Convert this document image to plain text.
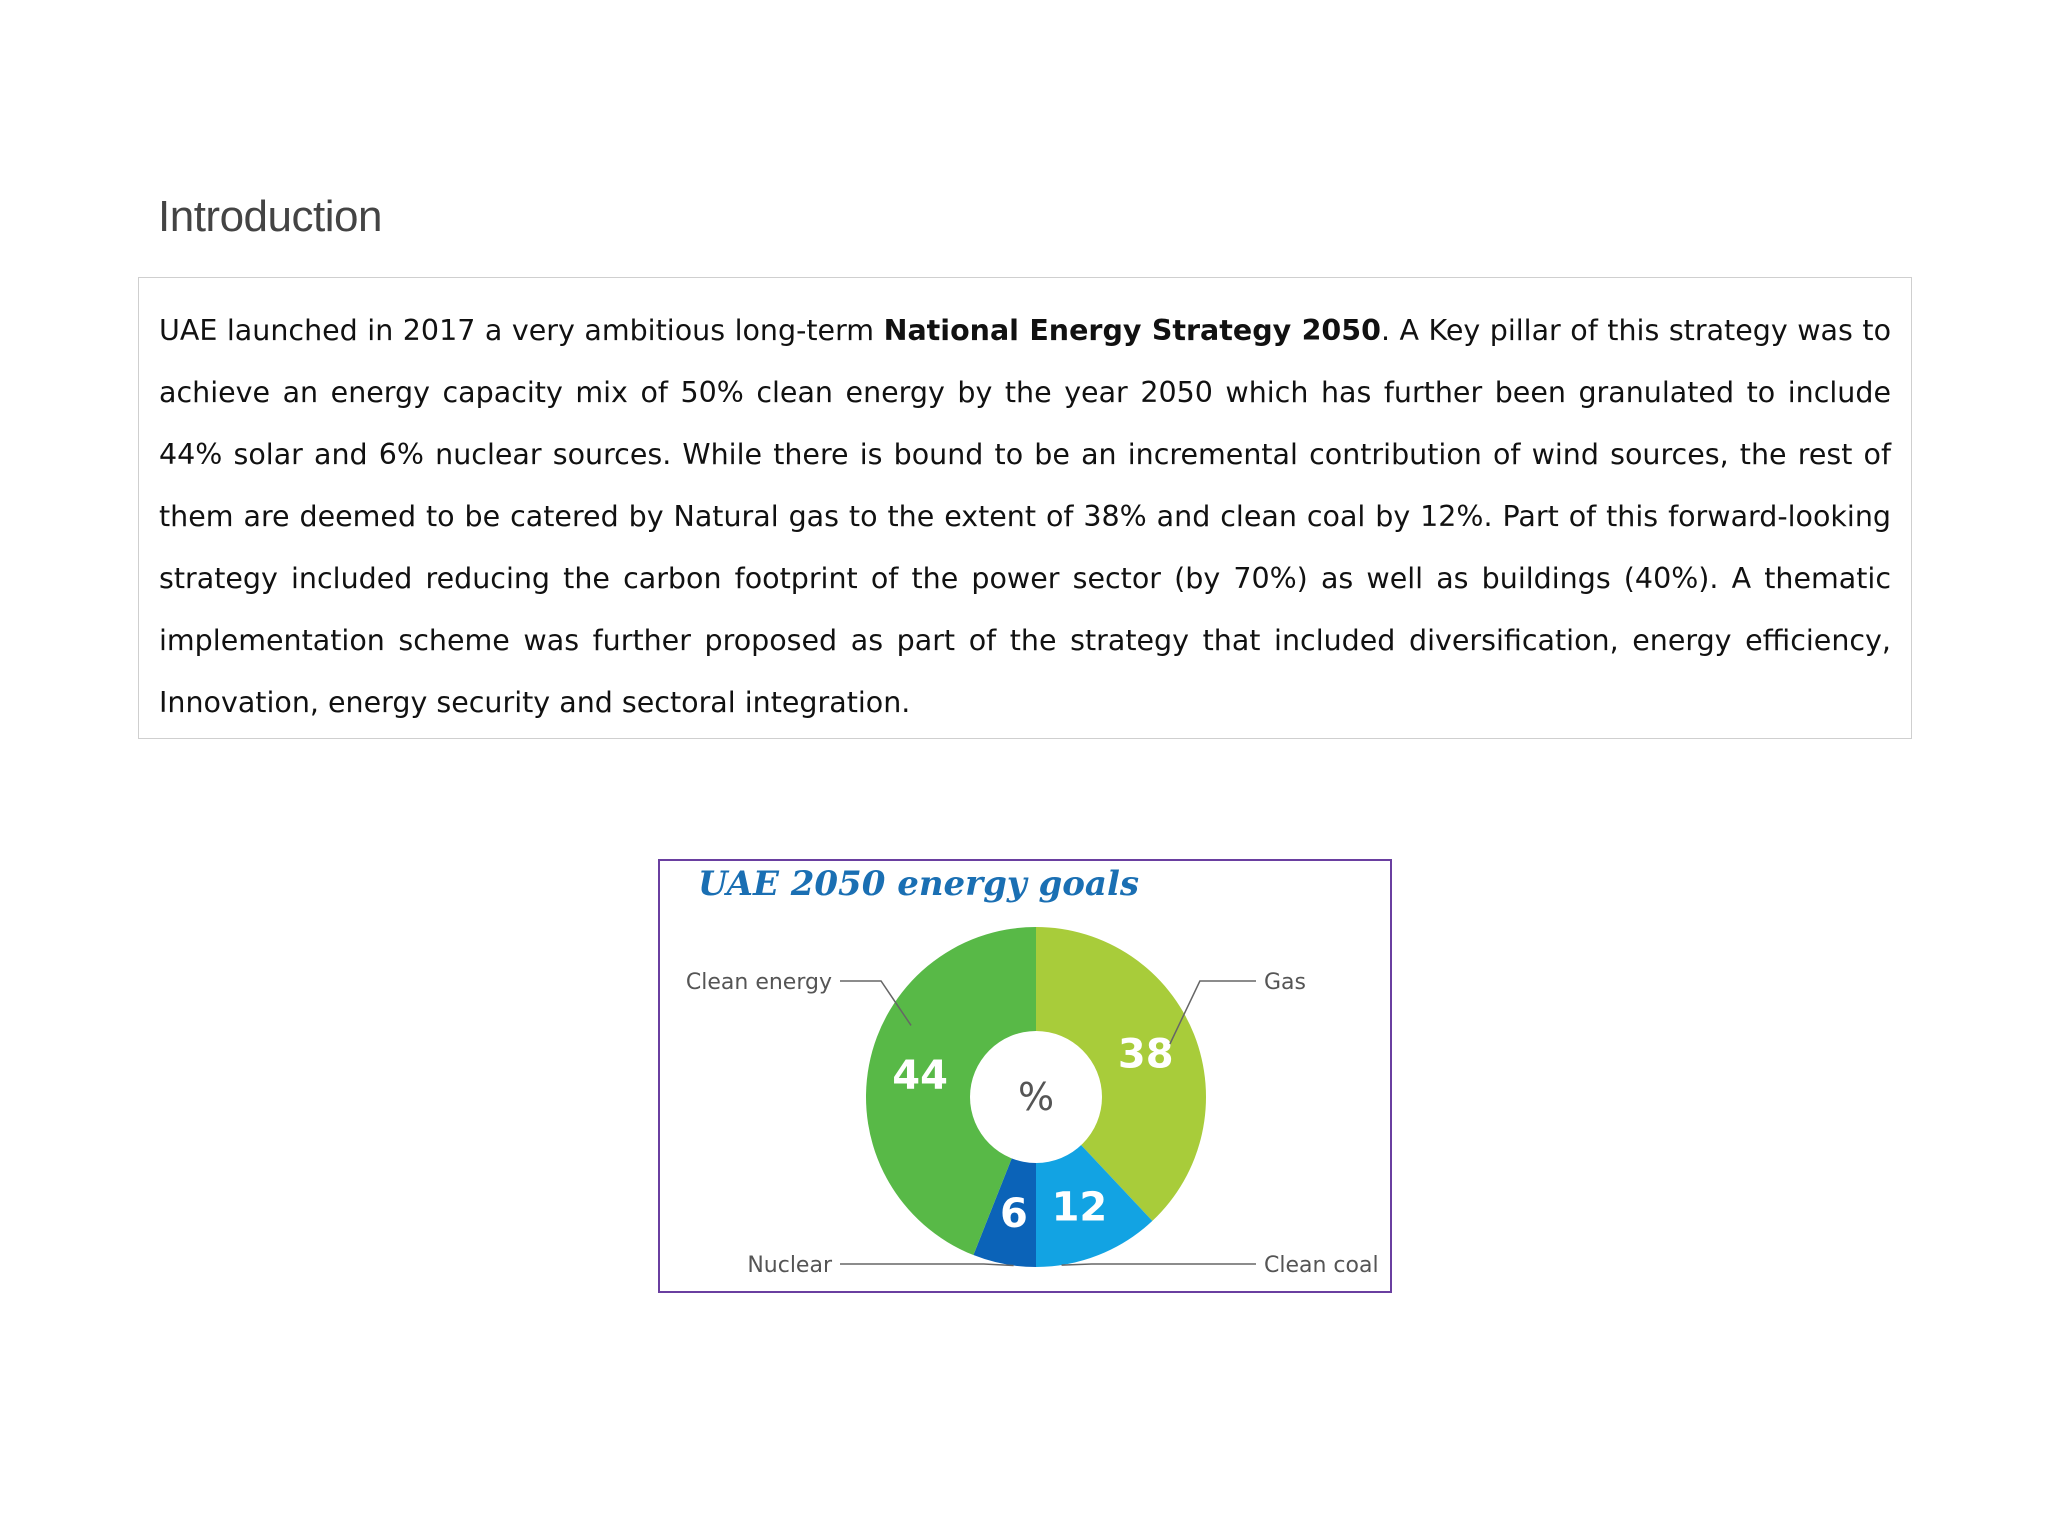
Introduction

UAE launched in 2017 a very ambitious long-term National Energy Strategy 2050. A Key pillar of this strategy was to achieve an energy capacity mix of 50% clean energy by the year 2050 which has further been granulated to include 44% solar and 6% nuclear sources. While there is bound to be an incremental contribution of wind sources, the rest of them are deemed to be catered by Natural gas to the extent of 38% and clean coal by 12%. Part of this forward-looking strategy included reducing the carbon footprint of the power sector (by 70%) as well as buildings (40%). A thematic implementation scheme was further proposed as part of the strategy that included diversification, energy efficiency, Innovation, energy security and sectoral integration.

UAE 2050 energy goals
%
38
Gas
12
Clean coal
6
Nuclear
44
Clean energy
